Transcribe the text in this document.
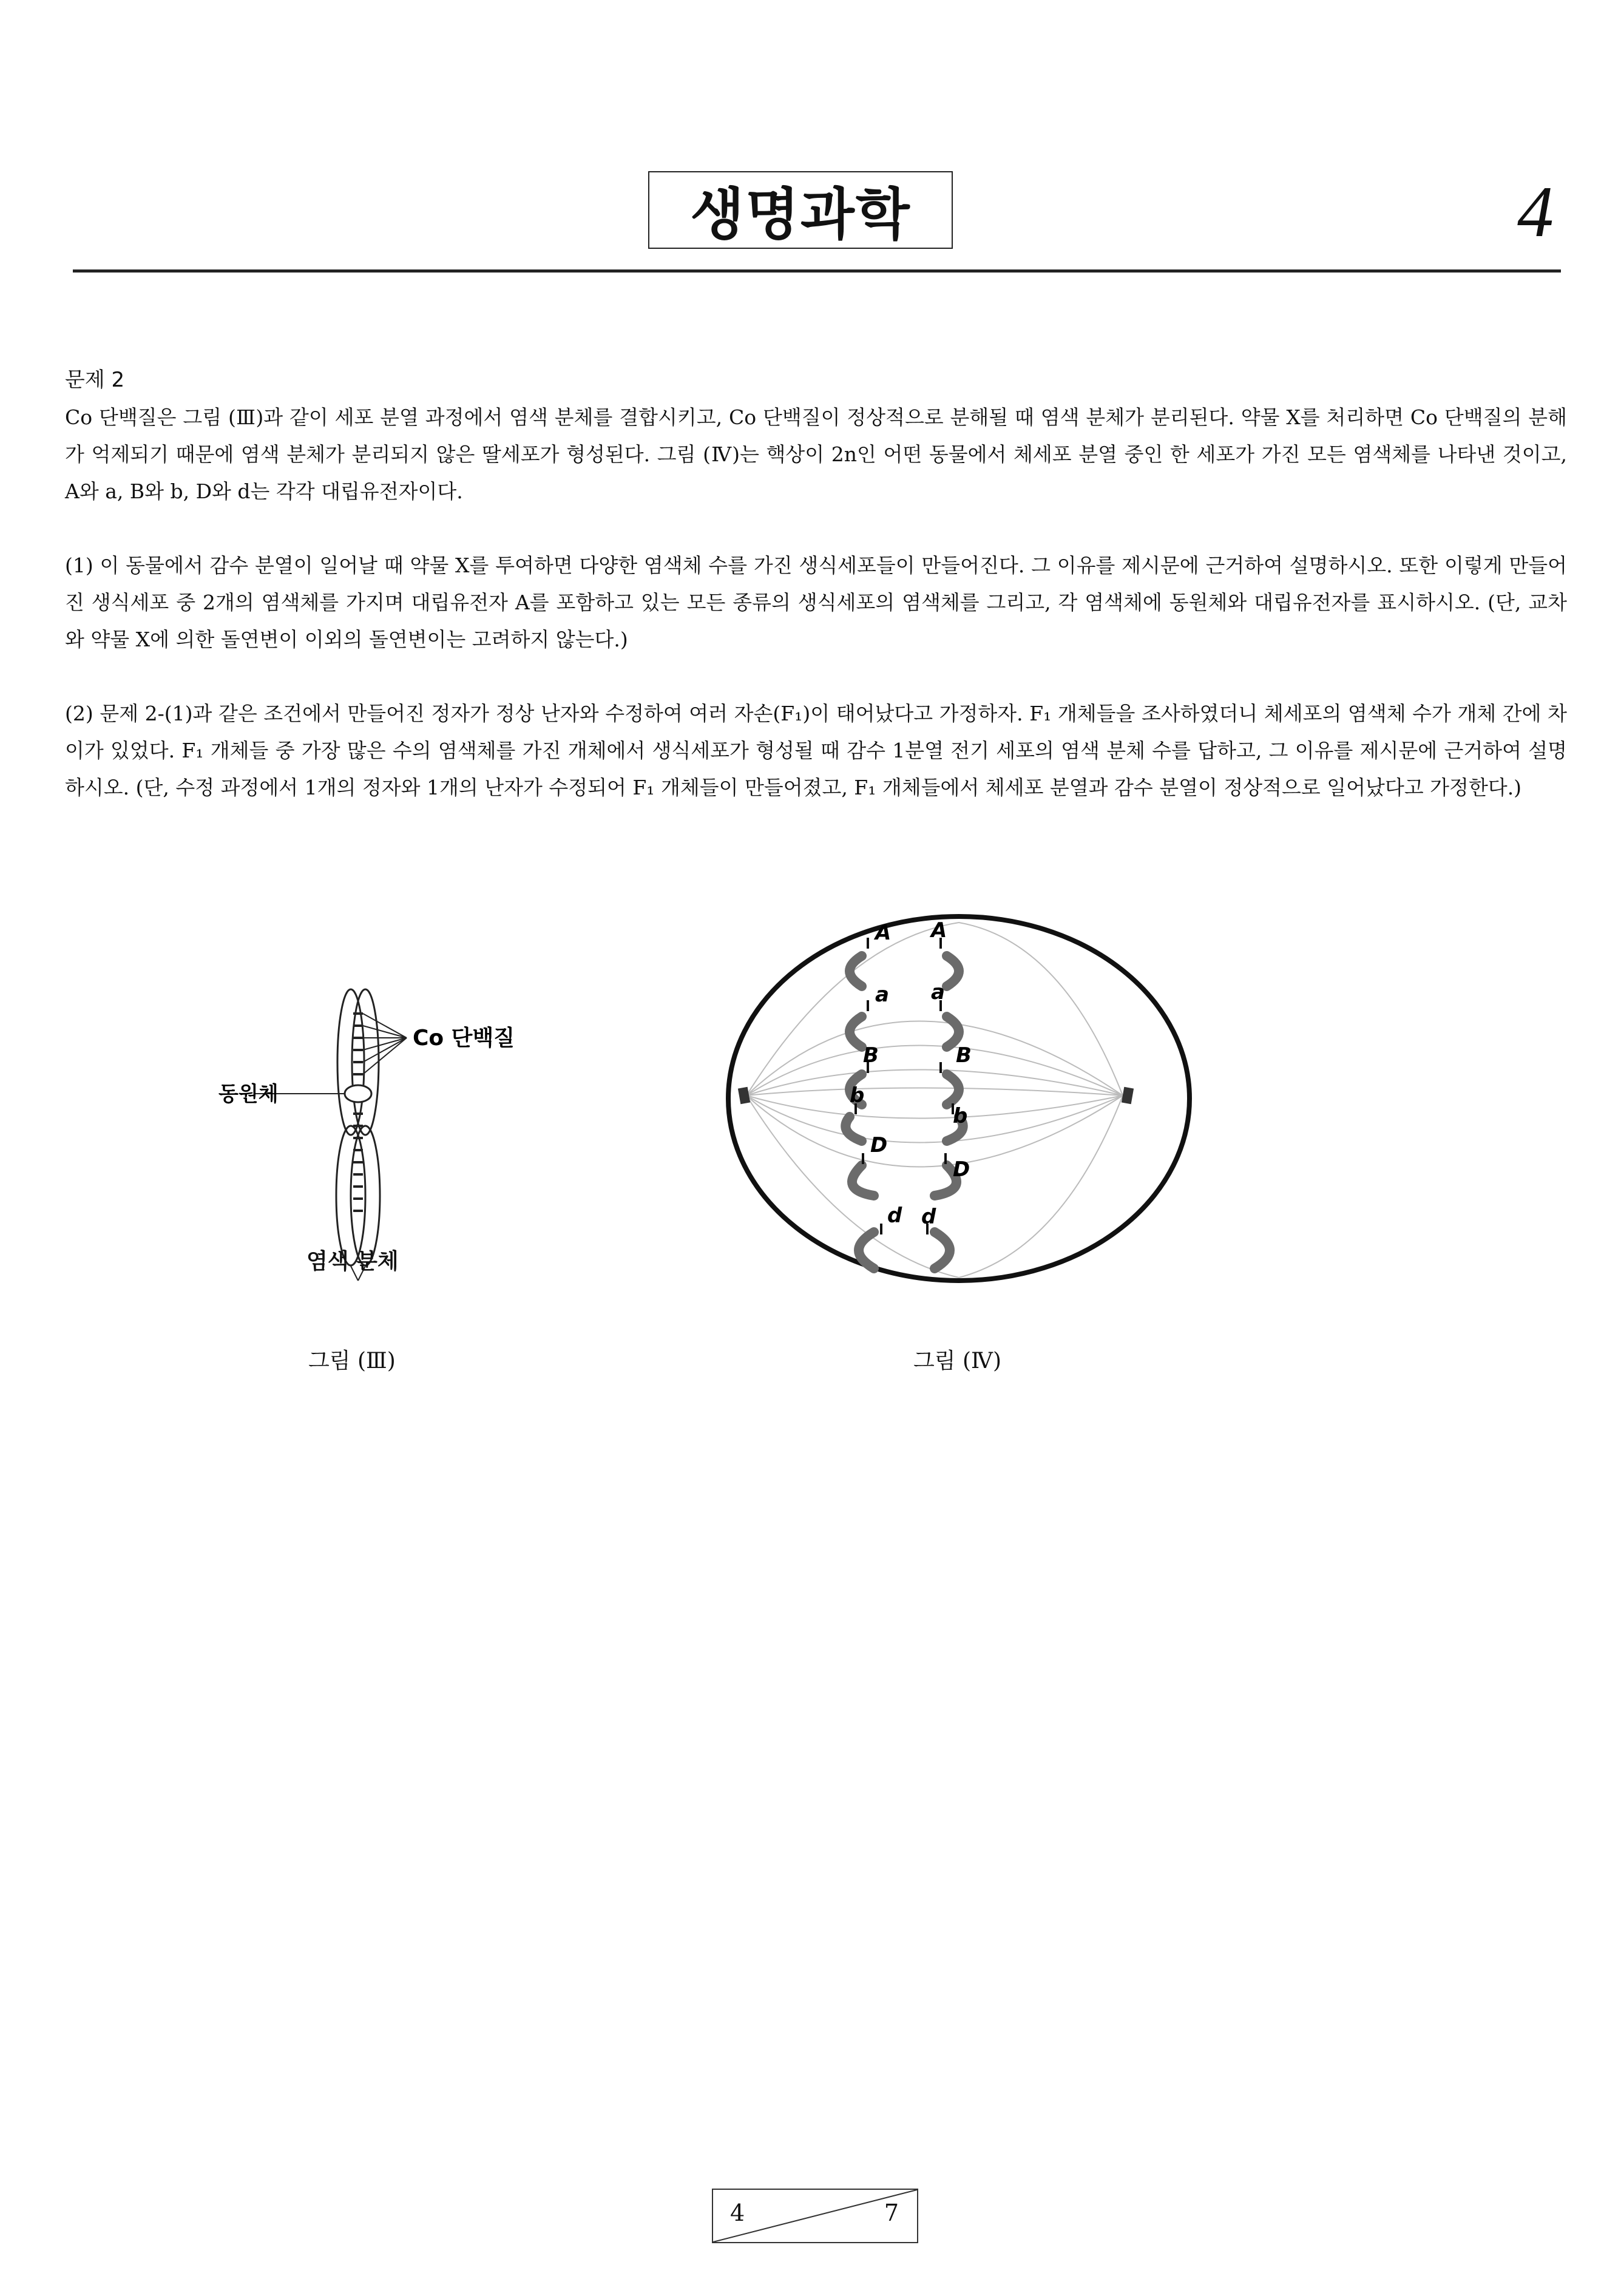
생명과학	4

문제 2

Co 단백질은 그림 (Ⅲ)과 같이 세포 분열 과정에서 염색 분체를 결합시키고, Co 단백질이 정상적으로 분해될 때 염색 분체가 분리된다. 약물 X를 처리하면 Co 단백질의 분해가 억제되기 때문에 염색 분체가 분리되지 않은 딸세포가 형성된다. 그림 (Ⅳ)는 핵상이 2n인 어떤 동물에서 체세포 분열 중인 한 세포가 가진 모든 염색체를 나타낸 것이고, A와 a, B와 b, D와 d는 각각 대립유전자이다.

(1) 이 동물에서 감수 분열이 일어날 때 약물 X를 투여하면 다양한 염색체 수를 가진 생식세포들이 만들어진다. 그 이유를 제시문에 근거하여 설명하시오. 또한 이렇게 만들어진 생식세포 중 2개의 염색체를 가지며 대립유전자 A를 포함하고 있는 모든 종류의 생식세포의 염색체를 그리고, 각 염색체에 동원체와 대립유전자를 표시하시오. (단, 교차와 약물 X에 의한 돌연변이 이외의 돌연변이는 고려하지 않는다.)

(2) 문제 2-(1)과 같은 조건에서 만들어진 정자가 정상 난자와 수정하여 여러 자손(F₁)이 태어났다고 가정하자. F₁ 개체들을 조사하였더니 체세포의 염색체 수가 개체 간에 차이가 있었다. F₁ 개체들 중 가장 많은 수의 염색체를 가진 개체에서 생식세포가 형성될 때 감수 1분열 전기 세포의 염색 분체 수를 답하고, 그 이유를 제시문에 근거하여 설명하시오. (단, 수정 과정에서 1개의 정자와 1개의 난자가 수정되어 F₁ 개체들이 만들어졌고, F₁ 개체들에서 체세포 분열과 감수 분열이 정상적으로 일어났다고 가정한다.)

Co 단백질
동원체
염색 분체
A
a
B
b
D
d
A
a
B
b
D
d
그림 (Ⅲ)	그림 (Ⅳ)
4	7
